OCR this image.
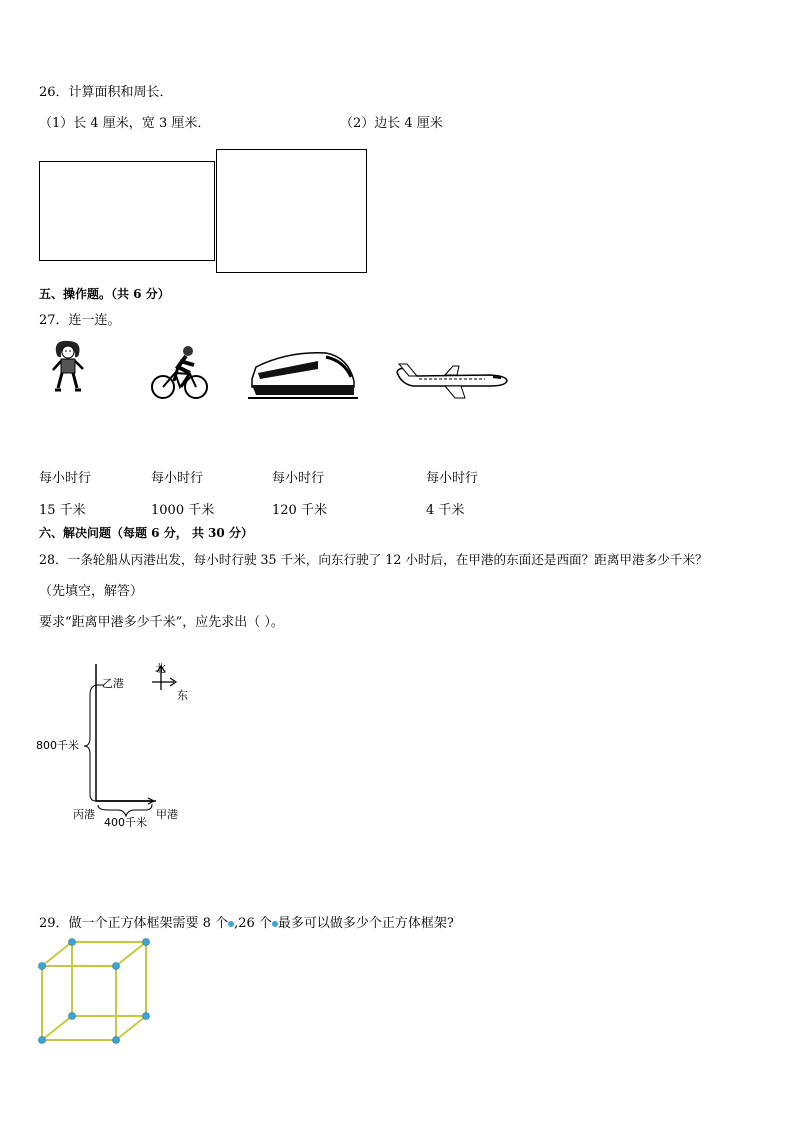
26．计算面积和周长．
（1）长 4 厘米，宽 3 厘米．	（2）边长 4 厘米
五、操作题。（共 6 分）
27．连一连。
每小时行	每小时行	每小时行	每小时行
15 千米	1000 千米	120 千米	4 千米
六、解决问题（每题 6 分， 共 30 分）
28．一条轮船从丙港出发，每小时行驶 35 千米，向东行驶了 12 小时后，在甲港的东面还是西面？距离甲港多少千米？
（先填空，解答）
要求“距离甲港多少千米”，应先求出（ ）。
乙港
北
东
800千米
丙港	甲港
400千米
29．做一个正方体框架需要 8 个 ,26 个 最多可以做多少个正方体框架?
